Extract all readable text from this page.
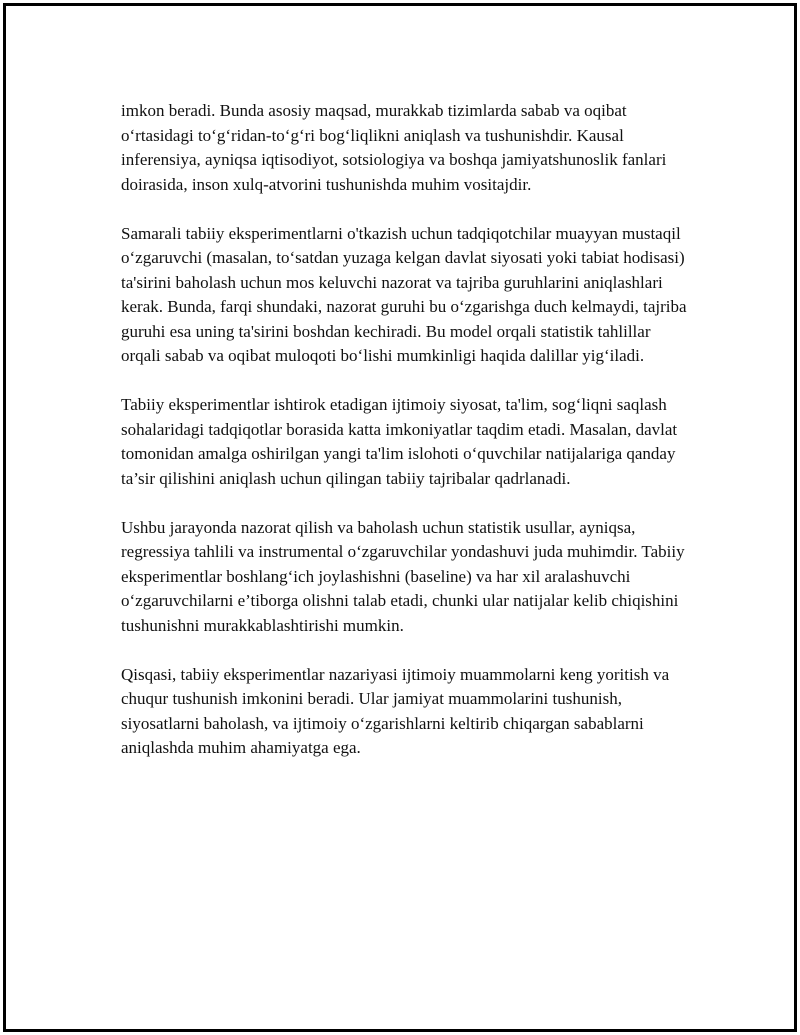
imkon beradi. Bunda asosiy maqsad, murakkab tizimlarda sabab va oqibat o‘rtasidagi to‘g‘ridan-to‘g‘ri bog‘liqlikni aniqlash va tushunishdir. Kausal inferensiya, ayniqsa iqtisodiyot, sotsiologiya va boshqa jamiyatshunoslik fanlari doirasida, inson xulq-atvorini tushunishda muhim vositajdir.

Samarali tabiiy eksperimentlarni o'tkazish uchun tadqiqotchilar muayyan mustaqil o‘zgaruvchi (masalan, to‘satdan yuzaga kelgan davlat siyosati yoki tabiat hodisasi) ta'sirini baholash uchun mos keluvchi nazorat va tajriba guruhlarini aniqlashlari kerak. Bunda, farqi shundaki, nazorat guruhi bu o‘zgarishga duch kelmaydi, tajriba guruhi esa uning ta'sirini boshdan kechiradi. Bu model orqali statistik tahlillar orqali sabab va oqibat muloqoti bo‘lishi mumkinligi haqida dalillar yig‘iladi.

Tabiiy eksperimentlar ishtirok etadigan ijtimoiy siyosat, ta'lim, sog‘liqni saqlash sohalaridagi tadqiqotlar borasida katta imkoniyatlar taqdim etadi. Masalan, davlat tomonidan amalga oshirilgan yangi ta'lim islohoti o‘quvchilar natijalariga qanday ta’sir qilishini aniqlash uchun qilingan tabiiy tajribalar qadrlanadi.

Ushbu jarayonda nazorat qilish va baholash uchun statistik usullar, ayniqsa, regressiya tahlili va instrumental o‘zgaruvchilar yondashuvi juda muhimdir. Tabiiy eksperimentlar boshlang‘ich joylashishni (baseline) va har xil aralashuvchi o‘zgaruvchilarni e’tiborga olishni talab etadi, chunki ular natijalar kelib chiqishini tushunishni murakkablashtirishi mumkin.

Qisqasi, tabiiy eksperimentlar nazariyasi ijtimoiy muammolarni keng yoritish va chuqur tushunish imkonini beradi. Ular jamiyat muammolarini tushunish, siyosatlarni baholash, va ijtimoiy o‘zgarishlarni keltirib chiqargan sabablarni aniqlashda muhim ahamiyatga ega.
